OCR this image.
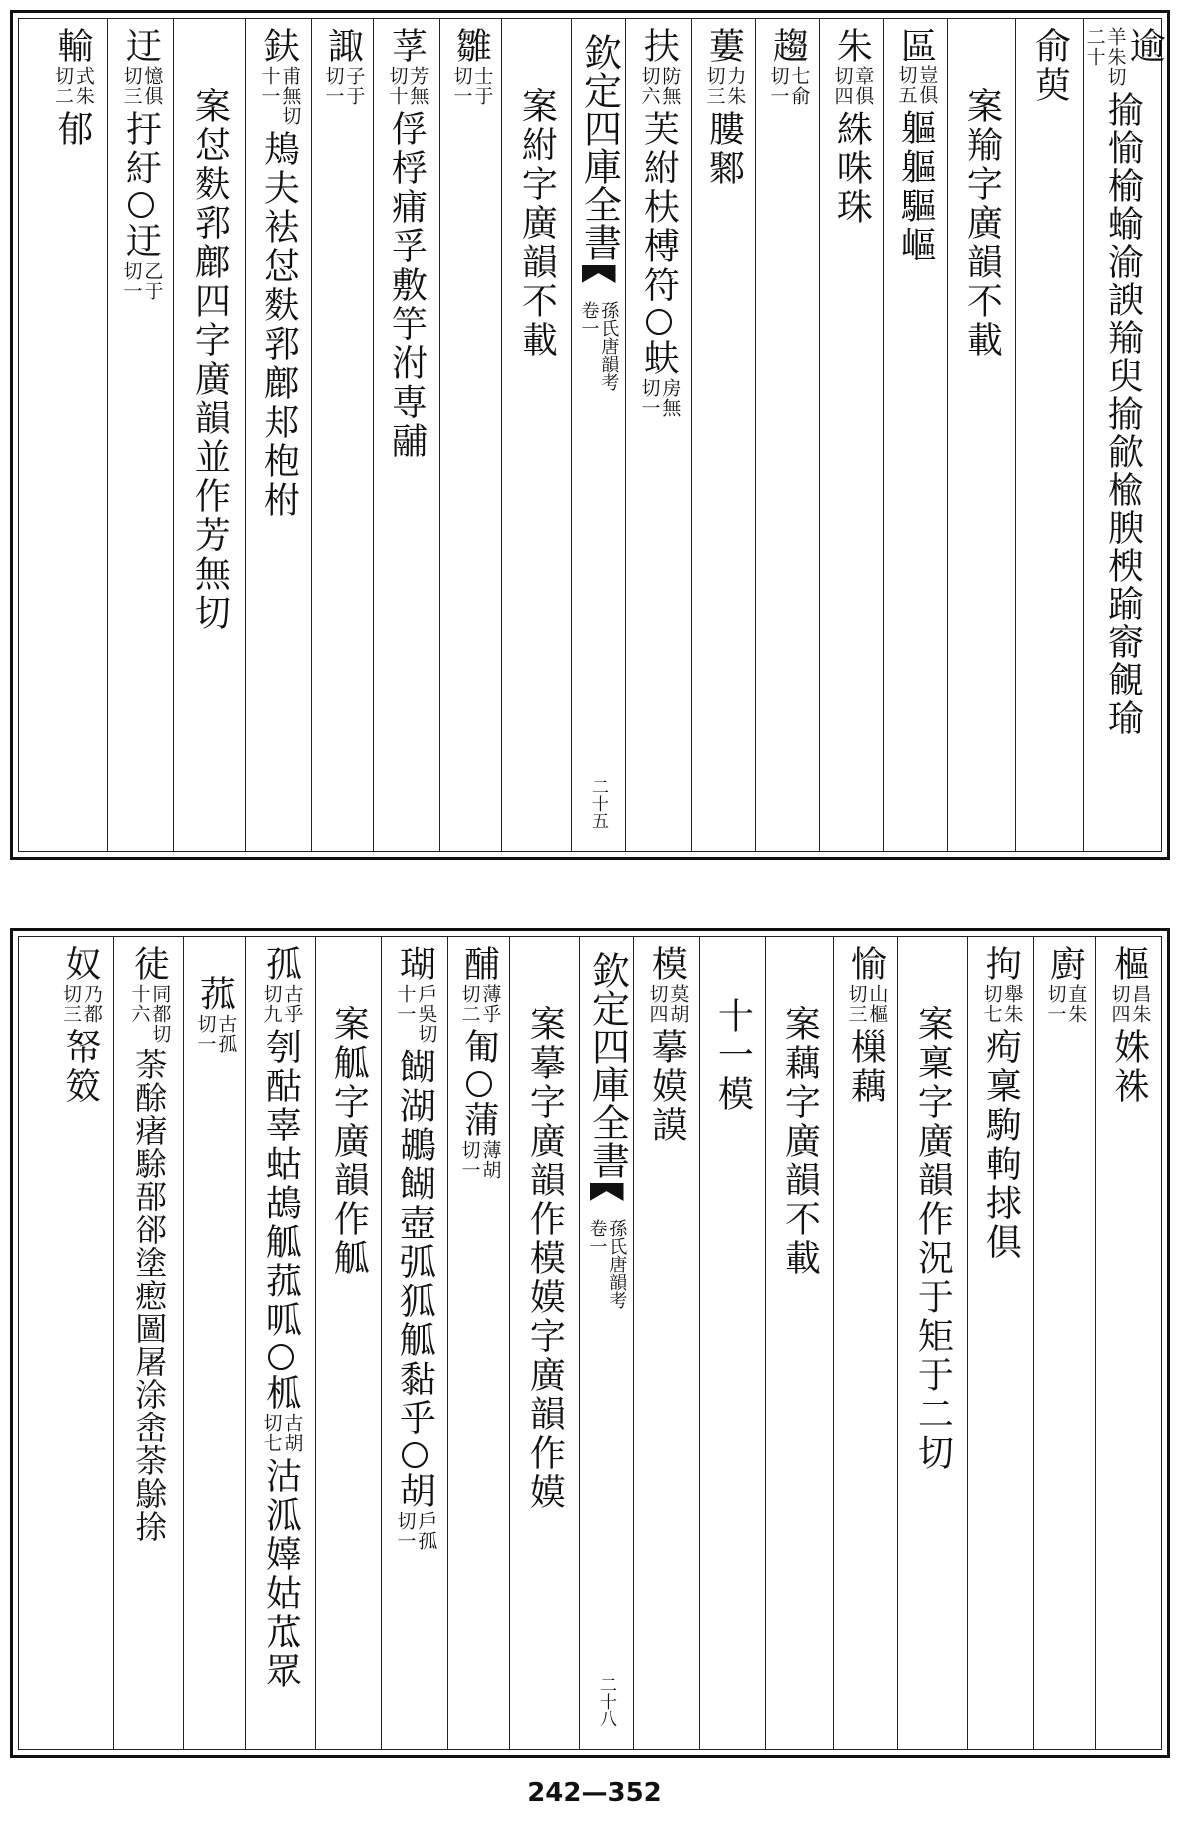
逾
羊朱切
二十
揄愉榆蝓渝諛羭臾揄歈楡腴楰踰窬覦瑜
俞萸
案羭字廣韻不載
區
豈俱
切五
軀軀驅嶇
朱
章俱
切四
絑咮珠
趨
七俞
切一
蔞
力朱
切三
膢鄹
扶
防無
切六
芙紨枎榑符
蚨
房無
切一
欽定四庫全書
孫氏唐韻考
卷一
二十五
案紨字廣韻不載
雛
士于
切一
莩
芳無
切十
俘桴痡孚敷竽泭専鬴
諏
子于
切一
鈇
甫無切
十一
鳺夫袪怤麩郛鄜邞枹柎
案怤麩郛鄜四字廣韻並作芳無切
迂
憶俱
切三
扜紆
迂
乙于
切一
輸
式朱
切二
郁
樞
昌朱
切四
姝袾
廚
直朱
切一
拘
舉朱
切七
痀稟駒軥捄俱
案稟字廣韻作況于矩于二切
愉
山樞
切三
樔藕
案藕字廣韻不載
十一模
模
莫胡
切四
摹嫫謨
欽定四庫全書
孫氏唐韻考
卷一
二十八
案摹字廣韻作模嫫字廣韻作嫫
酺
薄乎
切二
匍
蒲
薄胡
切一
瑚
戶吳切
十一
餬湖鶘餬壺弧狐觚黏乎
胡
戶孤
切一
案觚字廣韻作觚
孤
古乎
切九
刳酤辜蛄鴣觚菰呱
柧
古胡
切七
沽泒嫴姑苽眾
菰
古孤
切一
徒
同都切
十六
荼酴瘏駼郚郤塗瘛圖屠涂峹荼鵌捈
奴
乃都
切三
帑笯
242—352
